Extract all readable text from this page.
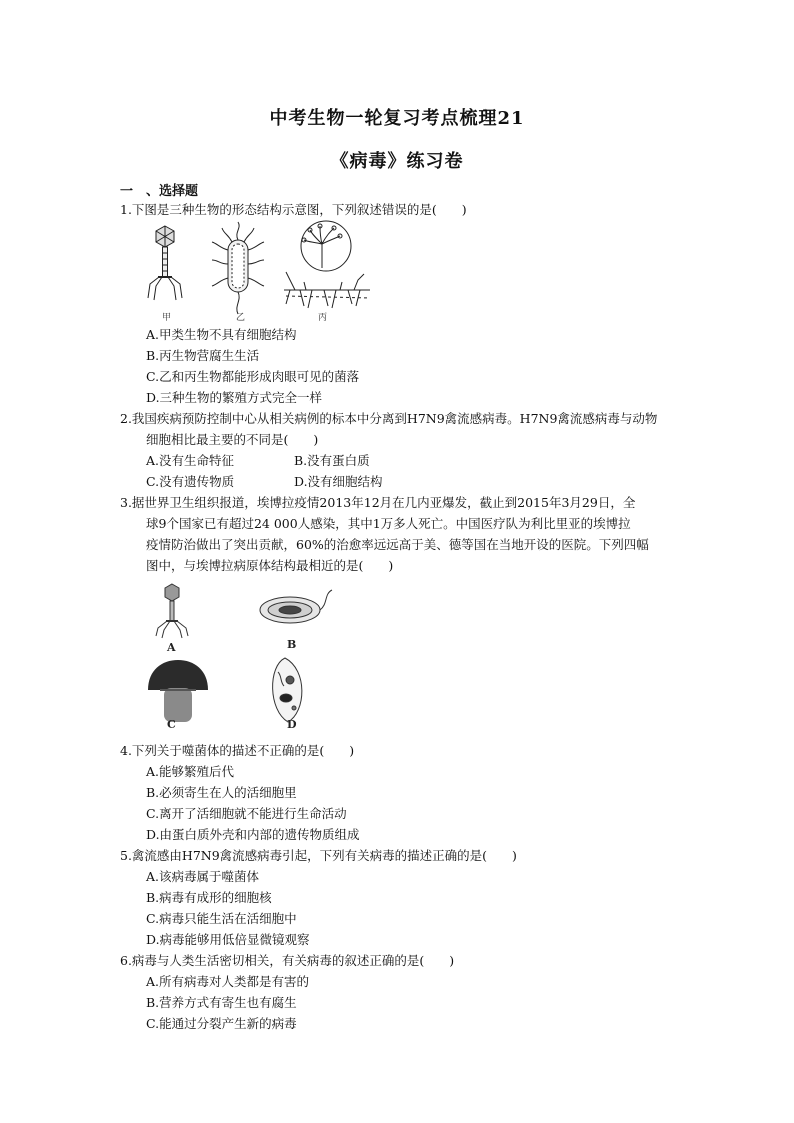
中考生物一轮复习考点梳理21
《病毒》练习卷
一　、选择题
1.下图是三种生物的形态结构示意图，下列叙述错误的是(　　)
甲	乙	丙
A.甲类生物不具有细胞结构
B.丙生物营腐生生活
C.乙和丙生物都能形成肉眼可见的菌落
D.三种生物的繁殖方式完全一样
2.我国疾病预防控制中心从相关病例的标本中分离到H7N9禽流感病毒。H7N9禽流感病毒与动物
细胞相比最主要的不同是(　　)
A.没有生命特征	B.没有蛋白质
C.没有遗传物质	D.没有细胞结构
3.据世界卫生组织报道，埃博拉疫情2013年12月在几内亚爆发，截止到2015年3月29日，全
球9个国家已有超过24 000人感染，其中1万多人死亡。中国医疗队为利比里亚的埃博拉
疫情防治做出了突出贡献，60%的治愈率远远高于美、德等国在当地开设的医院。下列四幅
图中，与埃博拉病原体结构最相近的是(　　)
A	B
C	D
4.下列关于噬菌体的描述不正确的是(　　)
A.能够繁殖后代
B.必须寄生在人的活细胞里
C.离开了活细胞就不能进行生命活动
D.由蛋白质外壳和内部的遗传物质组成
5.禽流感由H7N9禽流感病毒引起，下列有关病毒的描述正确的是(　　)
A.该病毒属于噬菌体
B.病毒有成形的细胞核
C.病毒只能生活在活细胞中
D.病毒能够用低倍显微镜观察
6.病毒与人类生活密切相关，有关病毒的叙述正确的是(　　)
A.所有病毒对人类都是有害的
B.营养方式有寄生也有腐生
C.能通过分裂产生新的病毒
